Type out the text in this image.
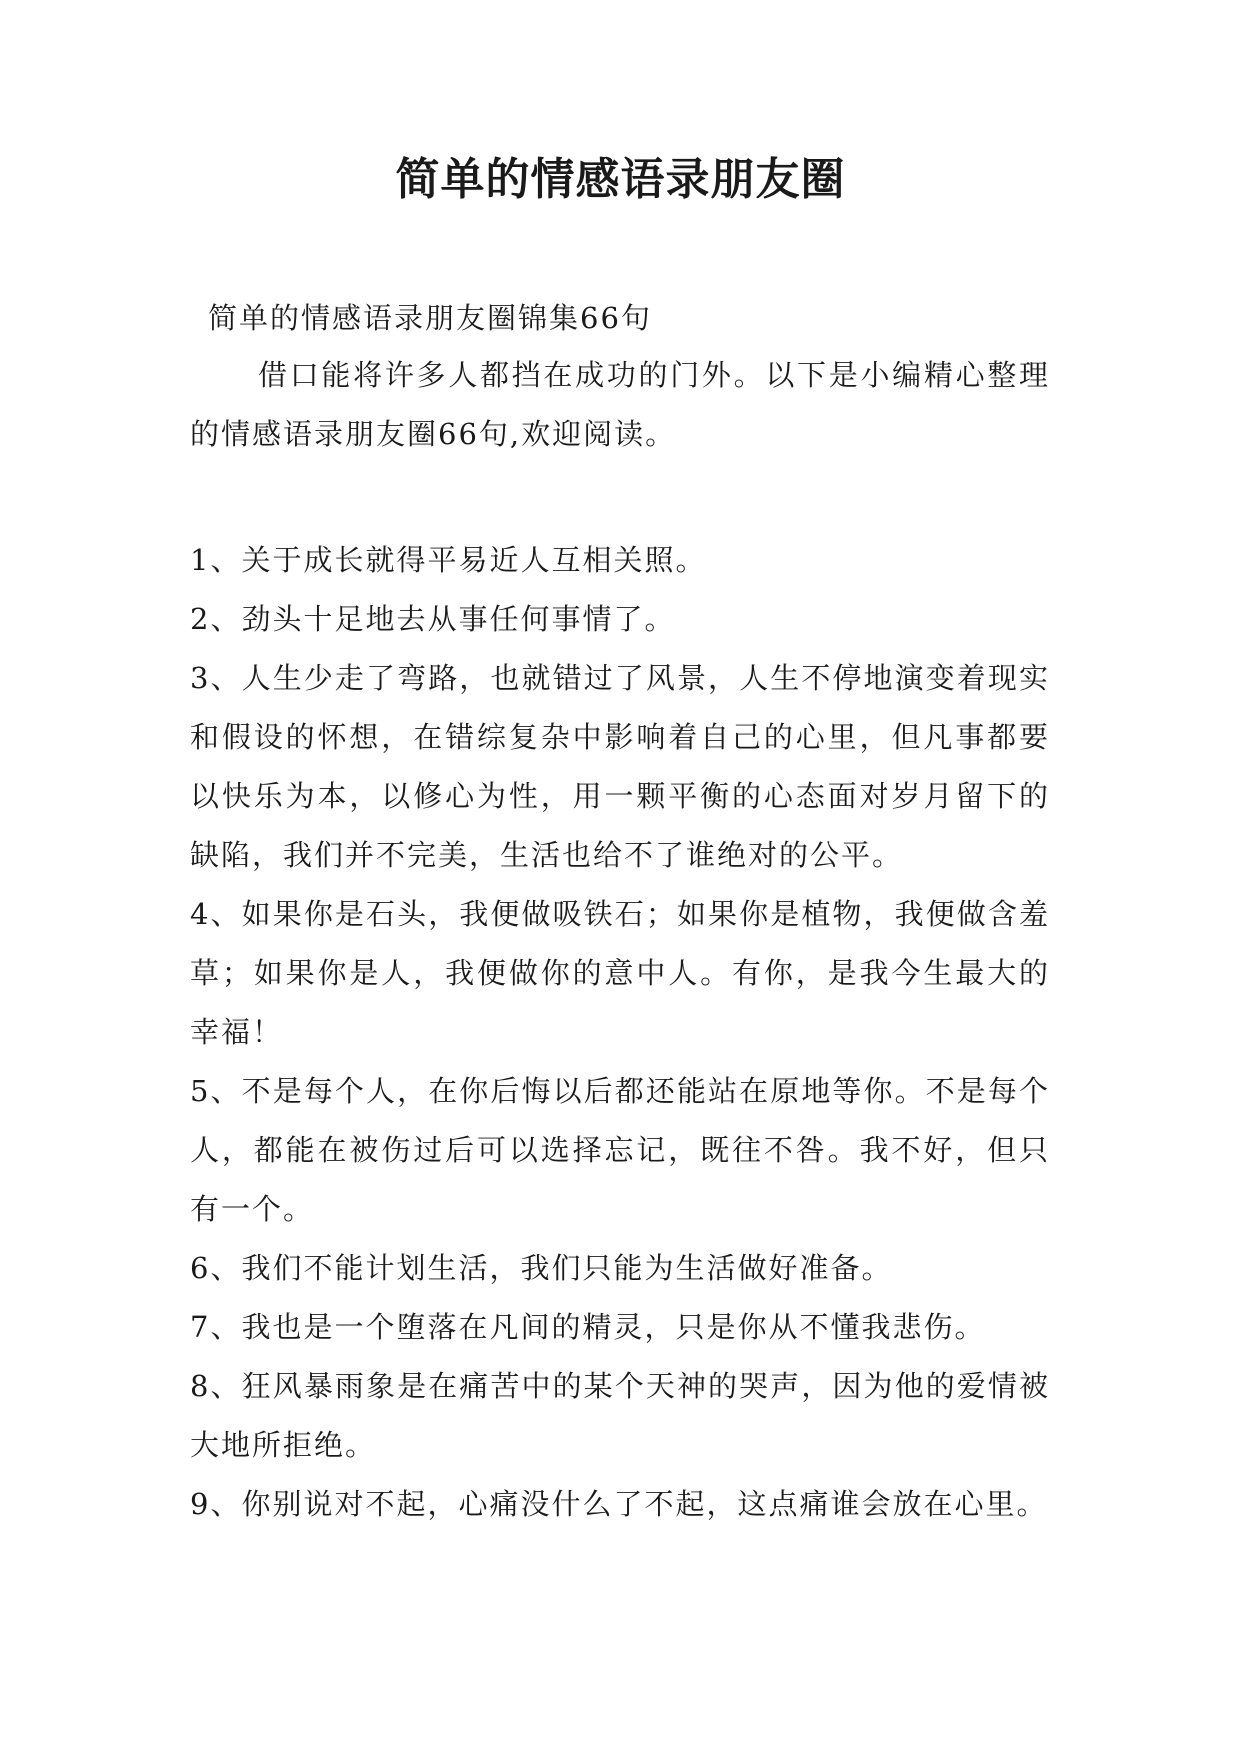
简单的情感语录朋友圈

简单的情感语录朋友圈锦集66句

借口能将许多人都挡在成功的门外。以下是小编精心整理的情感语录朋友圈66句,欢迎阅读。

1、关于成长就得平易近人互相关照。

2、劲头十足地去从事任何事情了。

3、人生少走了弯路，也就错过了风景，人生不停地演变着现实和假设的怀想，在错综复杂中影响着自己的心里，但凡事都要以快乐为本，以修心为性，用一颗平衡的心态面对岁月留下的缺陷，我们并不完美，生活也给不了谁绝对的公平。

4、如果你是石头，我便做吸铁石；如果你是植物，我便做含羞草；如果你是人，我便做你的意中人。有你，是我今生最大的幸福！

5、不是每个人，在你后悔以后都还能站在原地等你。不是每个人，都能在被伤过后可以选择忘记，既往不咎。我不好，但只有一个。

6、我们不能计划生活，我们只能为生活做好准备。

7、我也是一个堕落在凡间的精灵，只是你从不懂我悲伤。

8、狂风暴雨象是在痛苦中的某个天神的哭声，因为他的爱情被大地所拒绝。

9、你别说对不起，心痛没什么了不起，这点痛谁会放在心里。
